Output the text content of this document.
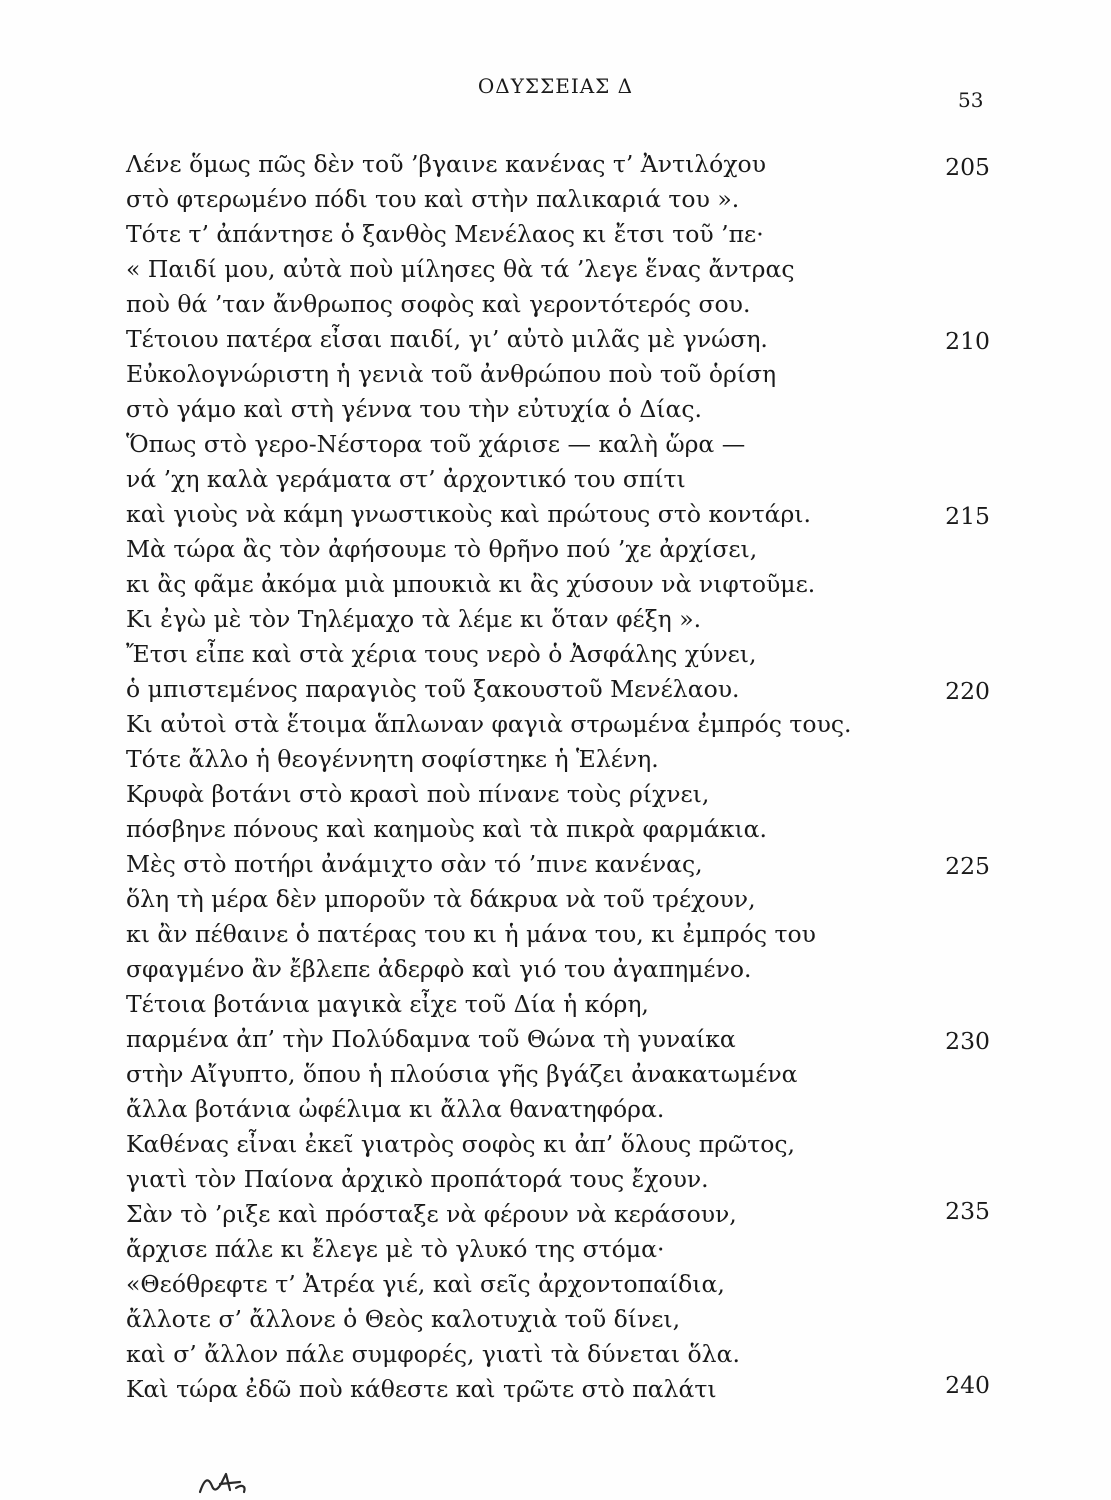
ΟΔΥΣΣΕΙΑΣ Δ
53
Λένε ὅμως πῶς δὲν τοῦ ’βγαινε κανένας τ’ Ἀντιλόχου
στὸ φτερωμένο πόδι του καὶ στὴν παλικαριά του ».
Τότε τ’ ἀπάντησε ὁ ξανθὸς Μενέλαος κι ἔτσι τοῦ ’πε·
« Παιδί μου, αὐτὰ ποὺ μίλησες θὰ τά ’λεγε ἕνας ἄντρας
ποὺ θά ’ταν ἄνθρωπος σοφὸς καὶ γεροντότερός σου.
Τέτοιου πατέρα εἶσαι παιδί, γι’ αὐτὸ μιλᾶς μὲ γνώση.
Εὐκολογνώριστη ἡ γενιὰ τοῦ ἀνθρώπου ποὺ τοῦ ὁρίση
στὸ γάμο καὶ στὴ γέννα του τὴν εὐτυχία ὁ Δίας.
Ὅπως στὸ γερο-Νέστορα τοῦ χάρισε — καλὴ ὥρα —
νά ’χη καλὰ γεράματα στ’ ἀρχοντικό του σπίτι
καὶ γιοὺς νὰ κάμη γνωστικοὺς καὶ πρώτους στὸ κοντάρι.
Μὰ τώρα ἂς τὸν ἀφήσουμε τὸ θρῆνο πού ’χε ἀρχίσει,
κι ἂς φᾶμε ἀκόμα μιὰ μπουκιὰ κι ἂς χύσουν νὰ νιφτοῦμε.
Κι ἐγὼ μὲ τὸν Τηλέμαχο τὰ λέμε κι ὅταν φέξη ».
Ἔτσι εἶπε καὶ στὰ χέρια τους νερὸ ὁ Ἀσφάλης χύνει,
ὁ μπιστεμένος παραγιὸς τοῦ ξακουστοῦ Μενέλαου.
Κι αὐτοὶ στὰ ἕτοιμα ἅπλωναν φαγιὰ στρωμένα ἐμπρός τους.
Τότε ἄλλο ἡ θεογέννητη σοφίστηκε ἡ Ἑλένη.
Κρυφὰ βοτάνι στὸ κρασὶ ποὺ πίνανε τοὺς ρίχνει,
πόσβηνε πόνους καὶ καημοὺς καὶ τὰ πικρὰ φαρμάκια.
Μὲς στὸ ποτήρι ἀνάμιχτο σὰν τό ’πινε κανένας,
ὅλη τὴ μέρα δὲν μποροῦν τὰ δάκρυα νὰ τοῦ τρέχουν,
κι ἂν πέθαινε ὁ πατέρας του κι ἡ μάνα του, κι ἐμπρός του
σφαγμένο ἂν ἔβλεπε ἀδερφὸ καὶ γιό του ἀγαπημένο.
Τέτοια βοτάνια μαγικὰ εἶχε τοῦ Δία ἡ κόρη,
παρμένα ἀπ’ τὴν Πολύδαμνα τοῦ Θώνα τὴ γυναίκα
στὴν Αἴγυπτο, ὅπου ἡ πλούσια γῆς βγάζει ἀνακατωμένα
ἄλλα βοτάνια ὠφέλιμα κι ἄλλα θανατηφόρα.
Καθένας εἶναι ἐκεῖ γιατρὸς σοφὸς κι ἀπ’ ὅλους πρῶτος,
γιατὶ τὸν Παίονα ἀρχικὸ προπάτορά τους ἔχουν.
Σὰν τὸ ’ριξε καὶ πρόσταξε νὰ φέρουν νὰ κεράσουν,
ἄρχισε πάλε κι ἔλεγε μὲ τὸ γλυκό της στόμα·
«Θεόθρεφτε τ’ Ἀτρέα γιέ, καὶ σεῖς ἀρχοντοπαίδια,
ἄλλοτε σ’ ἄλλονε ὁ Θεὸς καλοτυχιὰ τοῦ δίνει,
καὶ σ’ ἄλλον πάλε συμφορές, γιατὶ τὰ δύνεται ὅλα.
Καὶ τώρα ἐδῶ ποὺ κάθεστε καὶ τρῶτε στὸ παλάτι
205
210
215
220
225
230
235
240
